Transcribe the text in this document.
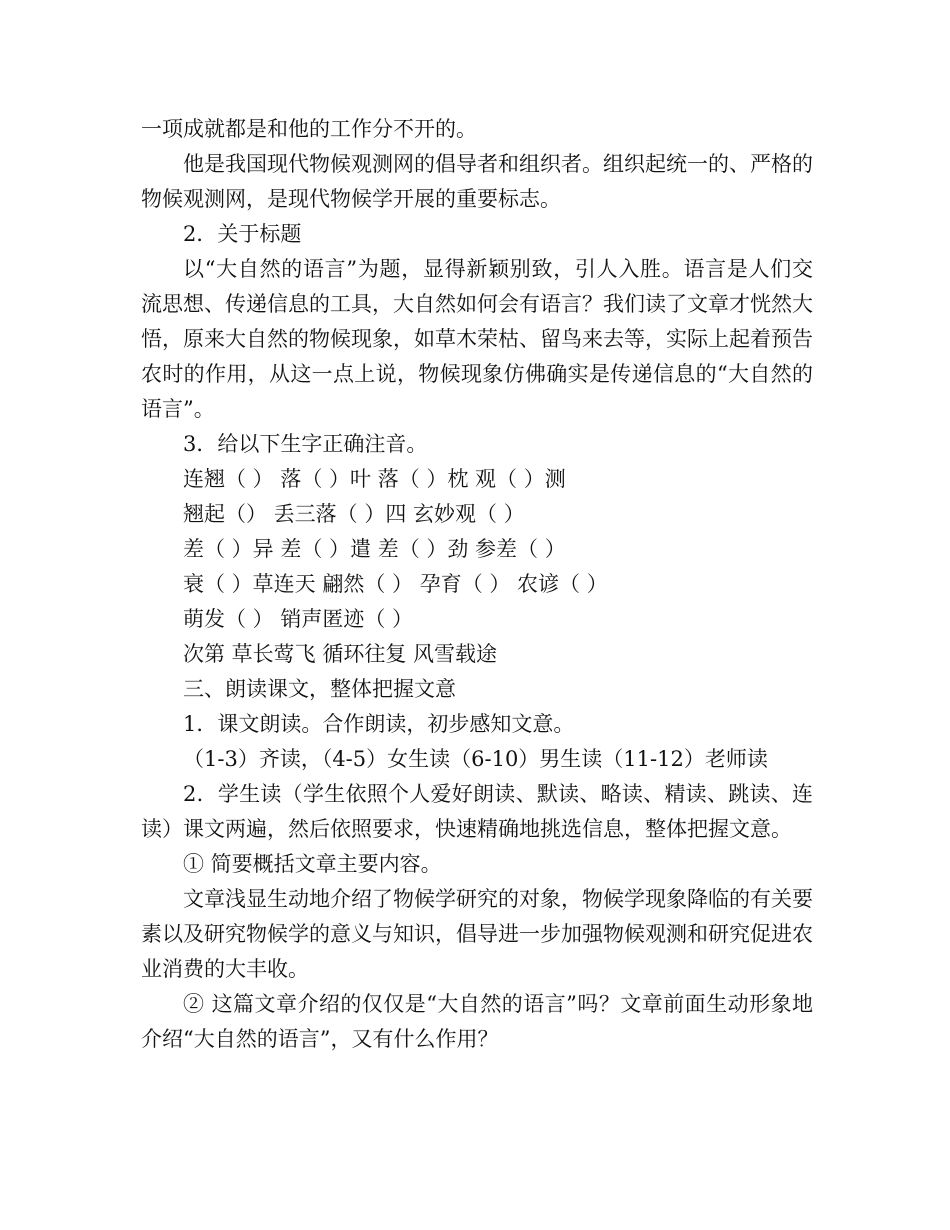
一项成就都是和他的工作分不开的。

他是我国现代物候观测网的倡导者和组织者。组织起统一的、严格的物候观测网，是现代物候学开展的重要标志。

2．关于标题

以“大自然的语言”为题，显得新颖别致，引人入胜。语言是人们交流思想、传递信息的工具，大自然如何会有语言？我们读了文章才恍然大悟，原来大自然的物候现象，如草木荣枯、留鸟来去等，实际上起着预告农时的作用，从这一点上说，物候现象仿佛确实是传递信息的“大自然的语言”。

3．给以下生字正确注音。

连翘（ ） 落（ ）叶 落（ ）枕 观（ ）测

翘起（） 丢三落（ ）四 玄妙观（ ）

差（ ）异 差（ ）遣 差（ ）劲 参差（ ）

衰（ ）草连天 翩然（ ） 孕育（ ） 农谚（ ）

萌发（ ） 销声匿迹（ ）

次第 草长莺飞 循环往复 风雪载途

三、朗读课文，整体把握文意

1．课文朗读。合作朗读，初步感知文意。

（1-3）齐读，（4-5）女生读（6-10）男生读（11-12）老师读

2．学生读（学生依照个人爱好朗读、默读、略读、精读、跳读、连读）课文两遍，然后依照要求，快速精确地挑选信息，整体把握文意。

① 简要概括文章主要内容。

文章浅显生动地介绍了物候学研究的对象，物候学现象降临的有关要素以及研究物候学的意义与知识，倡导进一步加强物候观测和研究促进农业消费的大丰收。

② 这篇文章介绍的仅仅是“大自然的语言”吗？文章前面生动形象地介绍“大自然的语言”，又有什么作用？
